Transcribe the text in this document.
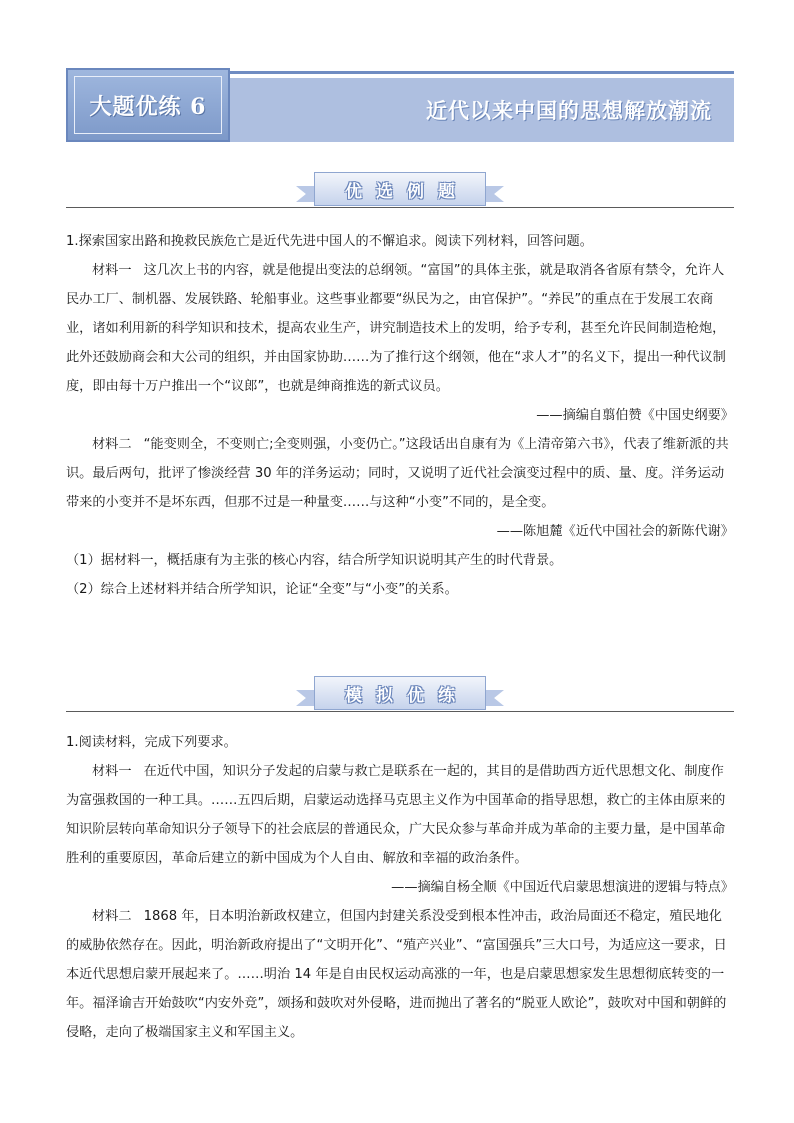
大题优练 6	近代以来中国的思想解放潮流
优 选 例 题

1.探索国家出路和挽救民族危亡是近代先进中国人的不懈追求。阅读下列材料，回答问题。

材料一 这几次上书的内容，就是他提出变法的总纲领。“富国”的具体主张，就是取消各省原有禁令，允许人民办工厂、制机器、发展铁路、轮船事业。这些事业都要“纵民为之，由官保护”。“养民”的重点在于发展工农商业，诸如利用新的科学知识和技术，提高农业生产，讲究制造技术上的发明，给予专利，甚至允许民间制造枪炮，此外还鼓励商会和大公司的组织，并由国家协助……为了推行这个纲领，他在“求人才”的名义下，提出一种代议制度，即由每十万户推出一个“议郎”，也就是绅商推选的新式议员。

——摘编自翦伯赞《中国史纲要》

材料二 “能变则全，不变则亡;全变则强，小变仍亡。”这段话出自康有为《上清帝第六书》，代表了维新派的共识。最后两句，批评了惨淡经营 30 年的洋务运动；同时，又说明了近代社会演变过程中的质、量、度。洋务运动带来的小变并不是坏东西，但那不过是一种量变……与这种“小变”不同的，是全变。

——陈旭麓《近代中国社会的新陈代谢》

（1）据材料一，概括康有为主张的核心内容，结合所学知识说明其产生的时代背景。

（2）综合上述材料并结合所学知识，论证“全变”与“小变”的关系。

模 拟 优 练

1.阅读材料，完成下列要求。

材料一 在近代中国，知识分子发起的启蒙与救亡是联系在一起的，其目的是借助西方近代思想文化、制度作为富强救国的一种工具。……五四后期，启蒙运动选择马克思主义作为中国革命的指导思想，救亡的主体由原来的知识阶层转向革命知识分子领导下的社会底层的普通民众，广大民众参与革命并成为革命的主要力量，是中国革命胜利的重要原因，革命后建立的新中国成为个人自由、解放和幸福的政治条件。

——摘编自杨全顺《中国近代启蒙思想演进的逻辑与特点》

材料二 1868 年，日本明治新政权建立，但国内封建关系没受到根本性冲击，政治局面还不稳定，殖民地化的威胁依然存在。因此，明治新政府提出了“文明开化”、“殖产兴业”、“富国强兵”三大口号，为适应这一要求，日本近代思想启蒙开展起来了。……明治 14 年是自由民权运动高涨的一年，也是启蒙思想家发生思想彻底转变的一年。福泽谕吉开始鼓吹“内安外竞”，颂扬和鼓吹对外侵略，进而抛出了著名的“脱亚人欧论”，鼓吹对中国和朝鲜的侵略，走向了极端国家主义和军国主义。
